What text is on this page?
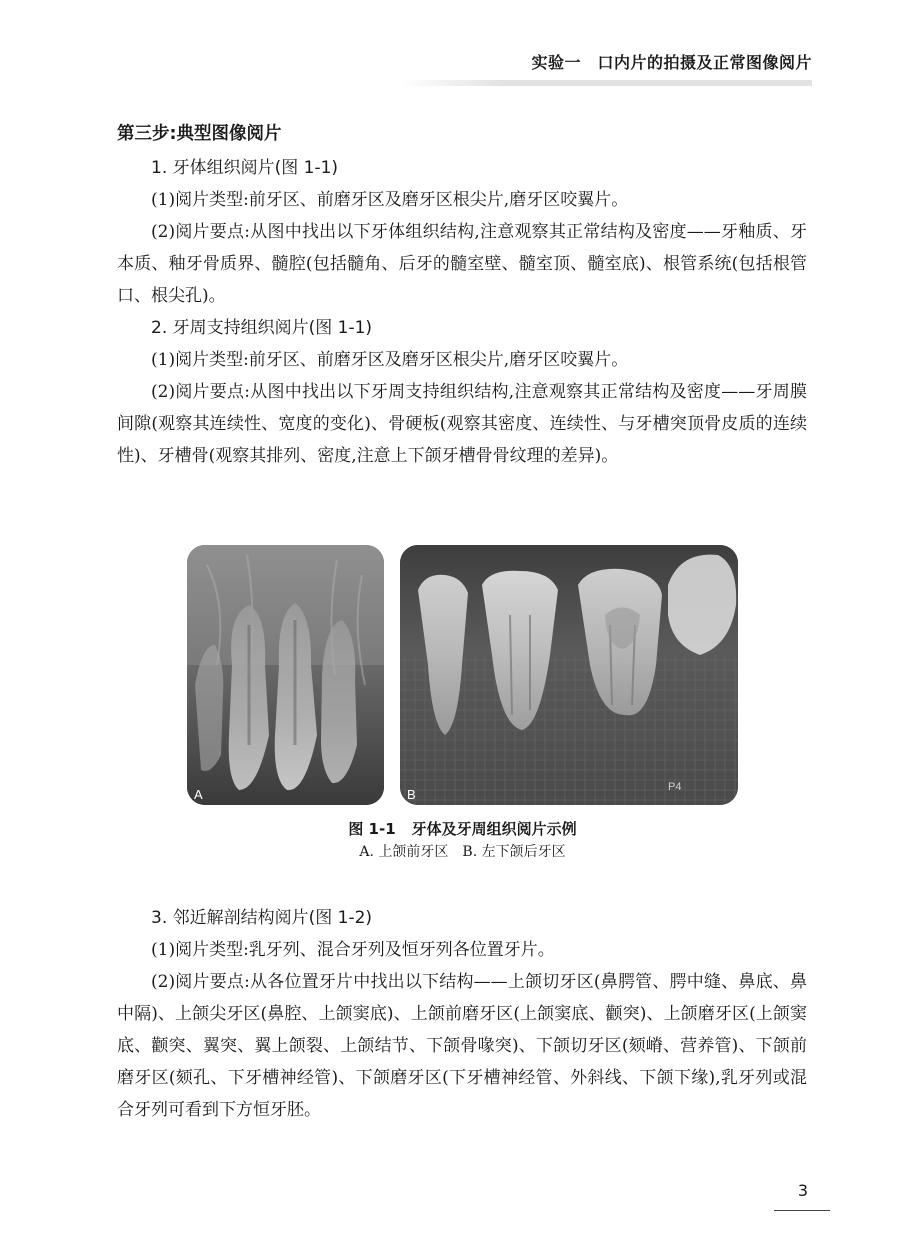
实验一　口内片的拍摄及正常图像阅片

第三步:典型图像阅片

1. 牙体组织阅片(图 1-1)

(1)阅片类型:前牙区、前磨牙区及磨牙区根尖片,磨牙区咬翼片。

(2)阅片要点:从图中找出以下牙体组织结构,注意观察其正常结构及密度——牙釉质、牙本质、釉牙骨质界、髓腔(包括髓角、后牙的髓室壁、髓室顶、髓室底)、根管系统(包括根管口、根尖孔)。

2. 牙周支持组织阅片(图 1-1)

(1)阅片类型:前牙区、前磨牙区及磨牙区根尖片,磨牙区咬翼片。

(2)阅片要点:从图中找出以下牙周支持组织结构,注意观察其正常结构及密度——牙周膜间隙(观察其连续性、宽度的变化)、骨硬板(观察其密度、连续性、与牙槽突顶骨皮质的连续性)、牙槽骨(观察其排列、密度,注意上下颌牙槽骨骨纹理的差异)。

A	P4
B
图 1-1 牙体及牙周组织阅片示例
A. 上颌前牙区 B. 左下颌后牙区

3. 邻近解剖结构阅片(图 1-2)

(1)阅片类型:乳牙列、混合牙列及恒牙列各位置牙片。

(2)阅片要点:从各位置牙片中找出以下结构——上颌切牙区(鼻腭管、腭中缝、鼻底、鼻中隔)、上颌尖牙区(鼻腔、上颌窦底)、上颌前磨牙区(上颌窦底、颧突)、上颌磨牙区(上颌窦底、颧突、翼突、翼上颌裂、上颌结节、下颌骨喙突)、下颌切牙区(颏嵴、营养管)、下颌前磨牙区(颏孔、下牙槽神经管)、下颌磨牙区(下牙槽神经管、外斜线、下颌下缘),乳牙列或混合牙列可看到下方恒牙胚。

3
